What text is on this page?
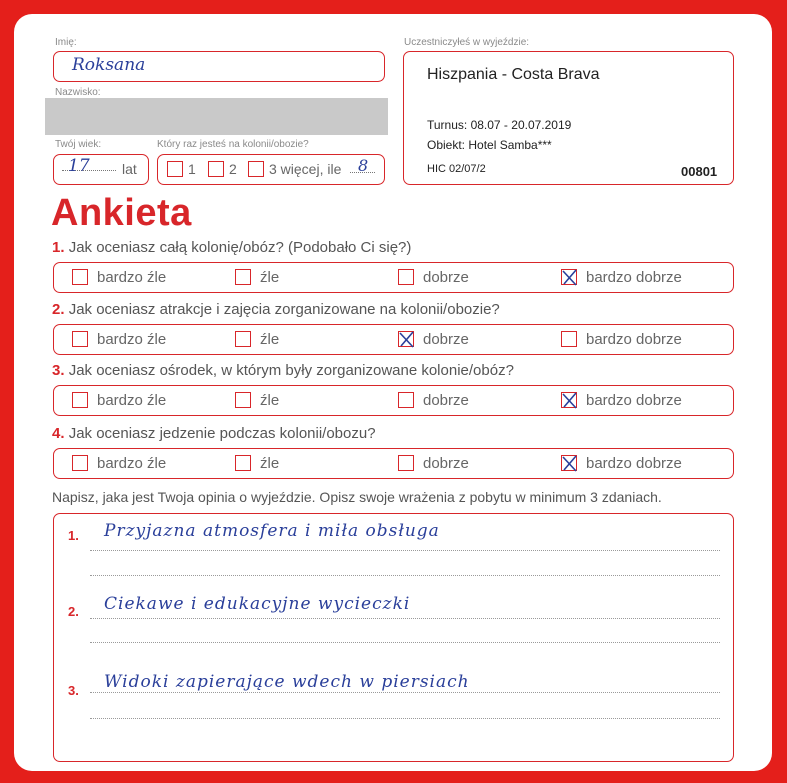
Imię:
Roksana
Nazwisko:
Twój wiek:
17 lat
Który raz jesteś na kolonii/obozie?
1 2 3 więcej, ile 8
Uczestniczyłeś w wyjeździe:
Hiszpania - Costa Brava
Turnus: 08.07 - 20.07.2019
Obiekt: Hotel Samba***
HIC 02/07/2	00801
Ankieta
1. Jak oceniasz całą kolonię/obóz? (Podobało Ci się?)
bardzo źle	źle	dobrze	bardzo dobrze
2. Jak oceniasz atrakcje i zajęcia zorganizowane na kolonii/obozie?
bardzo źle	źle	dobrze	bardzo dobrze
3. Jak oceniasz ośrodek, w którym były zorganizowane kolonie/obóz?
bardzo źle	źle	dobrze	bardzo dobrze
4. Jak oceniasz jedzenie podczas kolonii/obozu?
bardzo źle	źle	dobrze	bardzo dobrze
Napisz, jaka jest Twoja opinia o wyjeździe. Opisz swoje wrażenia z pobytu w minimum 3 zdaniach.
1. Przyjazna atmosfera i miła obsługa
2. Ciekawe i edukacyjne wycieczki
3. Widoki zapierające wdech w piersiach
